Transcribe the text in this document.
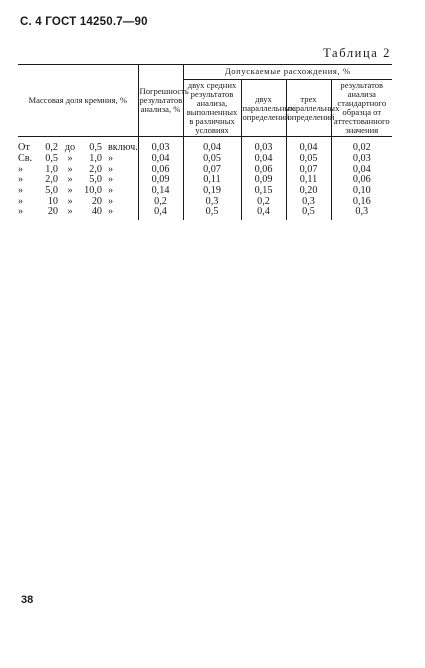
С. 4 ГОСТ 14250.7—90
Таблица 2
Массовая доля кремния, %	Погрешность результатов анализа, %	Допускаемые расхождения, %			
		двух средних результатов анализа, выполненных в различных условиях	двух параллельных определений	трех параллельных определений	результатов анализа стандартного образца от аттестованного значения
От 0,2 до 0,5 включ.	0,03	0,04	0,03	0,04	0,02
Св. 0,5 » 1,0 »	0,04	0,05	0,04	0,05	0,03
» 1,0 » 2,0 »	0,06	0,07	0,06	0,07	0,04
» 2,0 » 5,0 »	0,09	0,11	0,09	0,11	0,06
» 5,0 » 10,0 »	0,14	0,19	0,15	0,20	0,10
» 10 » 20 »	0,2	0,3	0,2	0,3	0,16
» 20 » 40 »	0,4	0,5	0,4	0,5	0,3
38
